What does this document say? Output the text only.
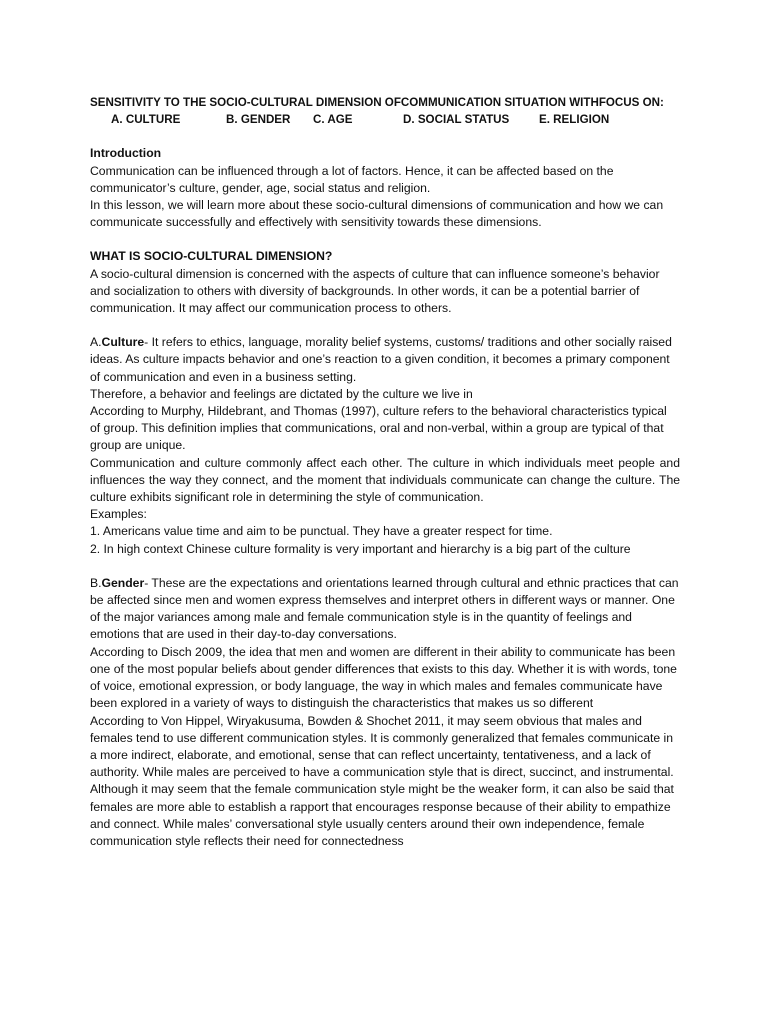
SENSITIVITY TO THE SOCIO-CULTURAL DIMENSION OFCOMMUNICATION SITUATION WITHFOCUS ON:
A. CULTURE	B. GENDER	C. AGE	D. SOCIAL STATUS	E. RELIGION

Introduction

Communication can be influenced through a lot of factors. Hence, it can be affected based on the communicator’s culture, gender, age, social status and religion.

In this lesson, we will learn more about these socio-cultural dimensions of communication and how we can communicate successfully and effectively with sensitivity towards these dimensions.

WHAT IS SOCIO-CULTURAL DIMENSION?

A socio-cultural dimension is concerned with the aspects of culture that can influence someone’s behavior and socialization to others with diversity of backgrounds. In other words, it can be a potential barrier of communication. It may affect our communication process to others.

A.Culture- It refers to ethics, language, morality belief systems, customs/ traditions and other socially raised ideas. As culture impacts behavior and one’s reaction to a given condition, it becomes a primary component of communication and even in a business setting.

Therefore, a behavior and feelings are dictated by the culture we live in

According to Murphy, Hildebrant, and Thomas (1997), culture refers to the behavioral characteristics typical of group. This definition implies that communications, oral and non-verbal, within a group are typical of that group are unique.

Communication and culture commonly affect each other. The culture in which individuals meet people and influences the way they connect, and the moment that individuals communicate can change the culture. The culture exhibits significant role in determining the style of communication.

Examples:

1. Americans value time and aim to be punctual. They have a greater respect for time.

2. In high context Chinese culture formality is very important and hierarchy is a big part of the culture

B.Gender- These are the expectations and orientations learned through cultural and ethnic practices that can be affected since men and women express themselves and interpret others in different ways or manner. One of the major variances among male and female communication style is in the quantity of feelings and emotions that are used in their day-to-day conversations.

According to Disch 2009, the idea that men and women are different in their ability to communicate has been one of the most popular beliefs about gender differences that exists to this day. Whether it is with words, tone of voice, emotional expression, or body language, the way in which males and females communicate have been explored in a variety of ways to distinguish the characteristics that makes us so different

According to Von Hippel, Wiryakusuma, Bowden & Shochet 2011, it may seem obvious that males and females tend to use different communication styles. It is commonly generalized that females communicate in a more indirect, elaborate, and emotional, sense that can reflect uncertainty, tentativeness, and a lack of authority. While males are perceived to have a communication style that is direct, succinct, and instrumental. Although it may seem that the female communication style might be the weaker form, it can also be said that females are more able to establish a rapport that encourages response because of their ability to empathize and connect. While males’ conversational style usually centers around their own independence, female communication style reflects their need for connectedness
